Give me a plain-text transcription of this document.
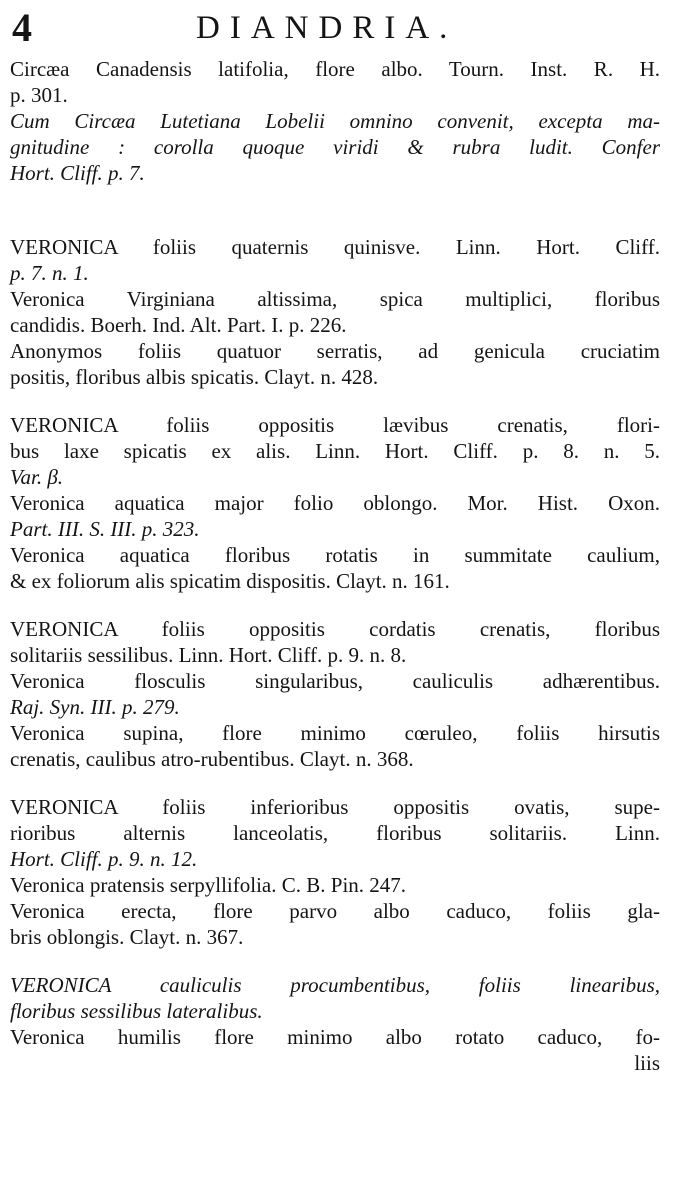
4	DIANDRIA.
Circæa Canadensis latifolia, flore albo. Tourn. Inst. R. H.
p. 301.
Cum Circæa Lutetiana Lobelii omnino convenit, excepta ma-
gnitudine : corolla quoque viridi & rubra ludit. Confer
Hort. Cliff. p. 7.
VERONICA foliis quaternis quinisve. Linn. Hort. Cliff.
p. 7. n. 1.
Veronica Virginiana altissima, spica multiplici, floribus
candidis. Boerh. Ind. Alt. Part. I. p. 226.
Anonymos foliis quatuor serratis, ad genicula cruciatim
positis, floribus albis spicatis. Clayt. n. 428.
VERONICA foliis oppositis lævibus crenatis, flori-
bus laxe spicatis ex alis. Linn. Hort. Cliff. p. 8. n. 5.
Var. β.
Veronica aquatica major folio oblongo. Mor. Hist. Oxon.
Part. III. S. III. p. 323.
Veronica aquatica floribus rotatis in summitate caulium,
& ex foliorum alis spicatim dispositis. Clayt. n. 161.
VERONICA foliis oppositis cordatis crenatis, floribus
solitariis sessilibus. Linn. Hort. Cliff. p. 9. n. 8.
Veronica flosculis singularibus, cauliculis adhærentibus.
Raj. Syn. III. p. 279.
Veronica supina, flore minimo cœruleo, foliis hirsutis
crenatis, caulibus atro-rubentibus. Clayt. n. 368.
VERONICA foliis inferioribus oppositis ovatis, supe-
rioribus alternis lanceolatis, floribus solitariis. Linn.
Hort. Cliff. p. 9. n. 12.
Veronica pratensis serpyllifolia. C. B. Pin. 247.
Veronica erecta, flore parvo albo caduco, foliis gla-
bris oblongis. Clayt. n. 367.
VERONICA cauliculis procumbentibus, foliis linearibus,
floribus sessilibus lateralibus.
Veronica humilis flore minimo albo rotato caduco, fo-
liis
